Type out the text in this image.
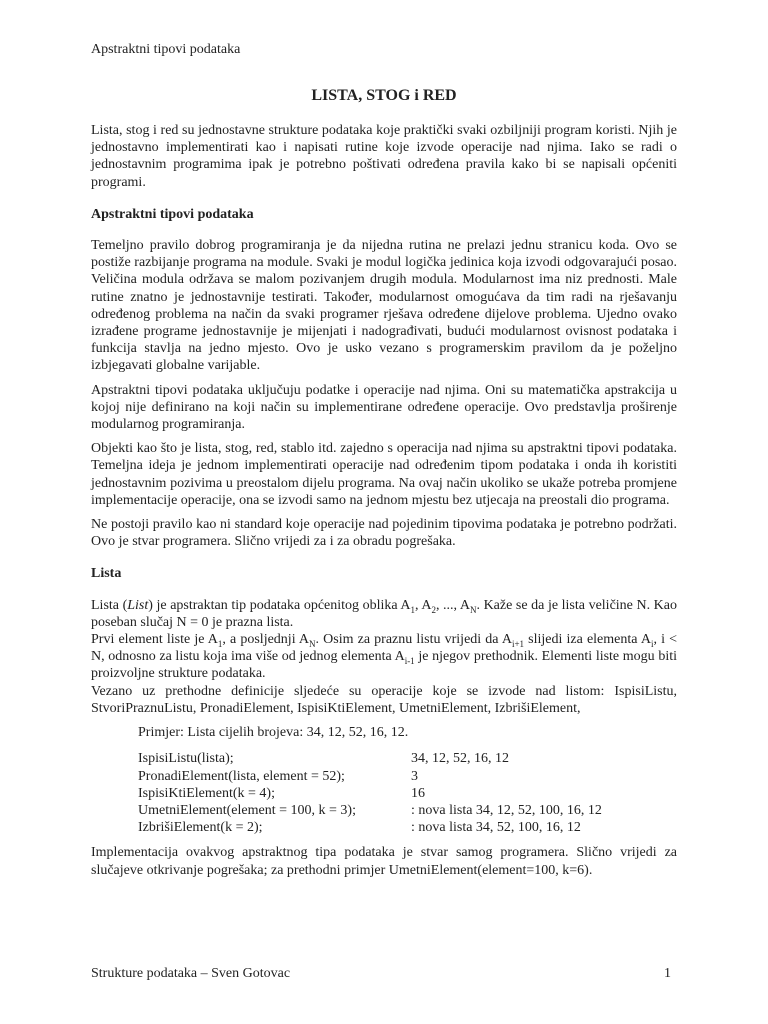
Apstraktni tipovi podataka
LISTA, STOG i RED

Lista, stog i red su jednostavne strukture podataka koje praktički svaki ozbiljniji program koristi. Njih je jednostavno implementirati kao i napisati rutine koje izvode operacije nad njima. Iako se radi o jednostavnim programima ipak je potrebno poštivati određena pravila kako bi se napisali općeniti programi.

Apstraktni tipovi podataka

Temeljno pravilo dobrog programiranja je da nijedna rutina ne prelazi jednu stranicu koda. Ovo se postiže razbijanje programa na module. Svaki je modul logička jedinica koja izvodi odgovarajući posao. Veličina modula održava se malom pozivanjem drugih modula. Modularnost ima niz prednosti. Male rutine znatno je jednostavnije testirati. Također, modularnost omogućava da tim radi na rješavanju određenog problema na način da svaki programer rješava određene dijelove problema. Ujedno ovako izrađene programe jednostavnije je mijenjati i nadograđivati, budući modularnost ovisnost podataka i funkcija stavlja na jedno mjesto. Ovo je usko vezano s programerskim pravilom da je poželjno izbjegavati globalne varijable.

Apstraktni tipovi podataka uključuju podatke i operacije nad njima. Oni su matematička apstrakcija u kojoj nije definirano na koji način su implementirane određene operacije. Ovo predstavlja proširenje modularnog programiranja.

Objekti kao što je lista, stog, red, stablo itd. zajedno s operacija nad njima su apstraktni tipovi podataka. Temeljna ideja je jednom implementirati operacije nad određenim tipom podataka i onda ih koristiti jednostavnim pozivima u preostalom dijelu programa. Na ovaj način ukoliko se ukaže potreba promjene implementacije operacije, ona se izvodi samo na jednom mjestu bez utjecaja na preostali dio programa.

Ne postoji pravilo kao ni standard koje operacije nad pojedinim tipovima podataka je potrebno podržati. Ovo je stvar programera. Slično vrijedi za i za obradu pogrešaka.

Lista

Lista (List) je apstraktan tip podataka općenitog oblika $A_1$, $A_2$, ..., $A_N$. Kaže se da je lista veličine N. Kao poseban slučaj N = 0 je prazna lista.

Prvi element liste je $A_1$, a posljednji $A_N$. Osim za praznu listu vrijedi da $A_{i+1}$ slijedi iza elementa $A_i$, i < N, odnosno za listu koja ima više od jednog elementa $A_{i-1}$ je njegov prethodnik. Elementi liste mogu biti proizvoljne strukture podataka.

Vezano uz prethodne definicije sljedeće su operacije koje se izvode nad listom: IspisiListu, StvoriPraznuListu, PronadiElement, IspisiKtiElement, UmetniElement, IzbrišiElement,

Primjer: Lista cijelih brojeva: 34, 12, 52, 16, 12.
IspisiListu(lista);	34, 12, 52, 16, 12
PronadiElement(lista, element = 52);	3
IspisiKtiElement(k = 4);	16
UmetniElement(element = 100, k = 3);	: nova lista 34, 12, 52, 100, 16, 12
IzbrišiElement(k = 2);	: nova lista 34, 52, 100, 16, 12

Implementacija ovakvog apstraktnog tipa podataka je stvar samog programera. Slično vrijedi za slučajeve otkrivanje pogrešaka; za prethodni primjer UmetniElement(element=100, k=6).

Strukture podataka – Sven Gotovac	1
